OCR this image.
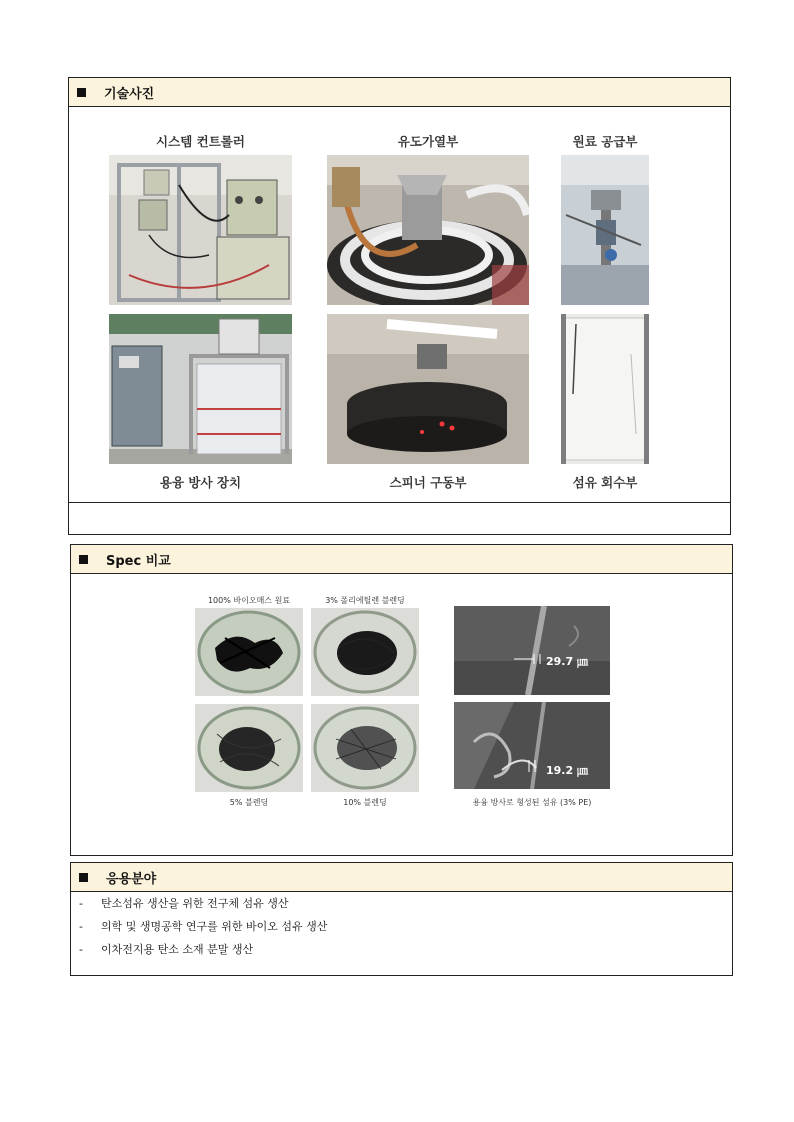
기술사진
시스템 컨트롤러	유도가열부	원료 공급부
용융 방사 장치	스피너 구동부	섬유 회수부
Spec 비교
100% 바이오매스 원료	3% 폴리에틸렌 블렌딩
5% 블렌딩	10% 블렌딩
29.7 ㎛
19.2 ㎛
용융 방사로 형성된 섬유 (3% PE)
응용분야
-	탄소섬유 생산을 위한 전구체 섬유 생산
-	의학 및 생명공학 연구를 위한 바이오 섬유 생산
-	이차전지용 탄소 소재 분말 생산
